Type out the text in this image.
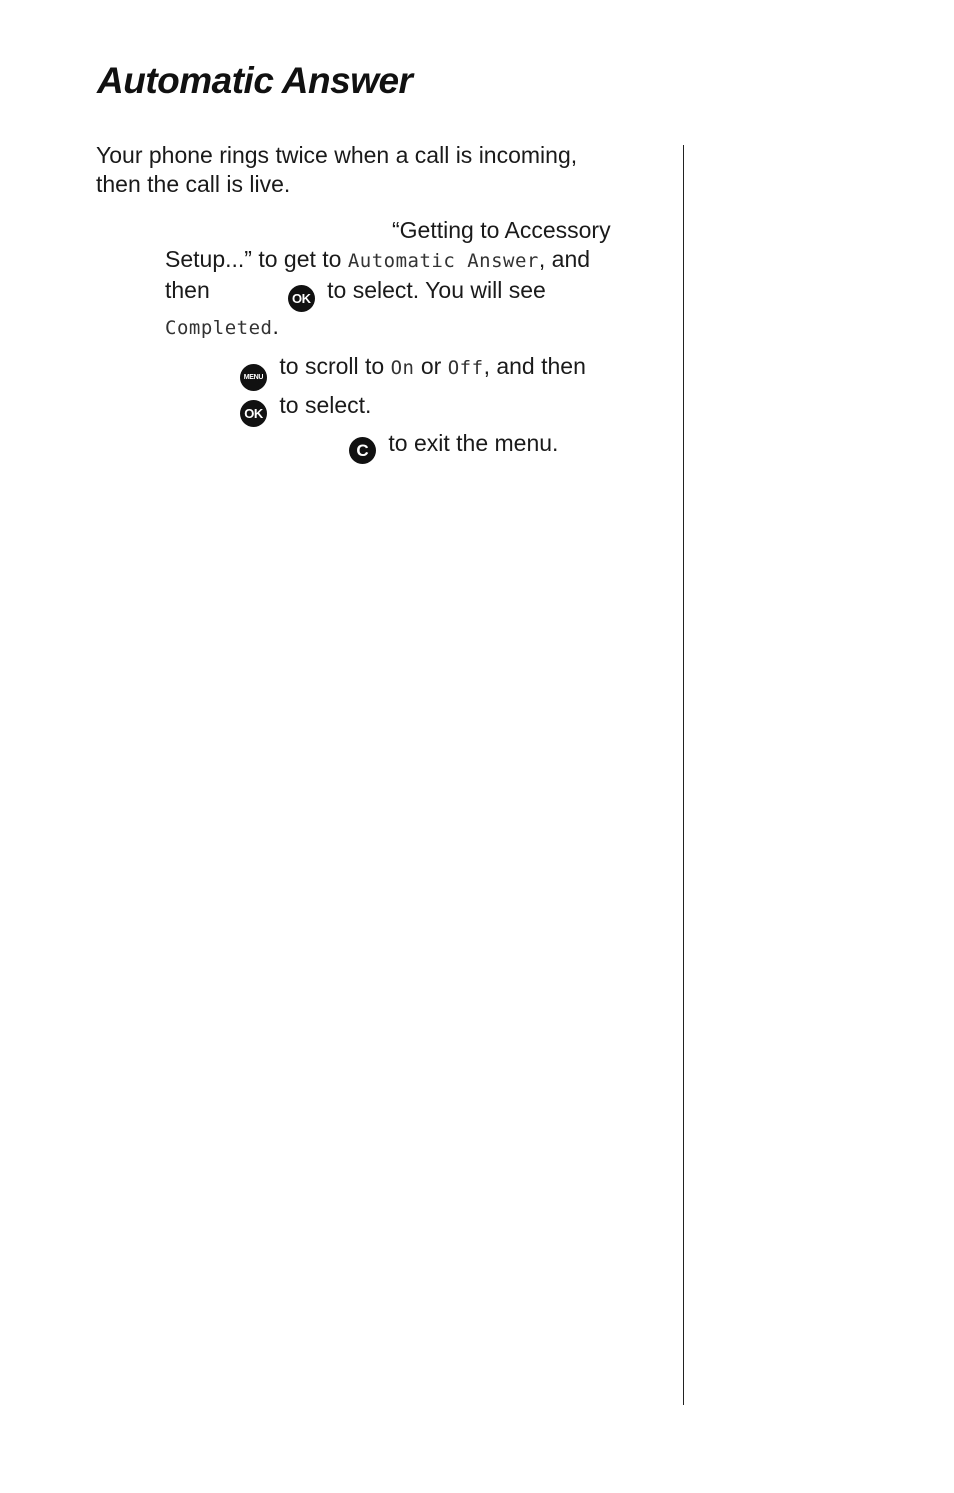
Automatic Answer

Your phone rings twice when a call is incoming,
then the call is live.

“Getting to Accessory
Setup...” to get to Automatic Answer, and
then	OK to select. You will see
Completed.

MENU to scroll to On or Off, and then
OK to select.

C to exit the menu.
